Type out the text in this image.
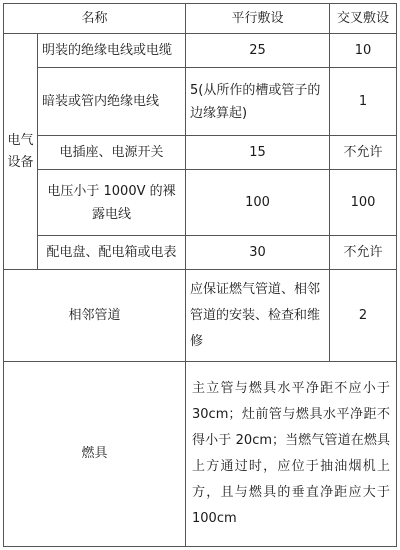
名称		平行敷设	交叉敷设

电气
设备	明装的绝缘电线或电缆	25	10
	暗装或管内绝缘电线	5(从所作的槽或管子的边缘算起)	1
	电插座、电源开关	15	不允许
	电压小于 1000V 的裸露电线	100	100
	配电盘、配电箱或电表	30	不允许
相邻管道		应保证燃气管道、相邻管道的安装、检查和维修	2
燃具		主立管与燃具水平净距不应小于30cm；灶前管与燃具水平净距不得小于 20cm；当燃气管道在燃具上方通过时，应位于抽油烟机上方，且与燃具的垂直净距应大于100cm	
